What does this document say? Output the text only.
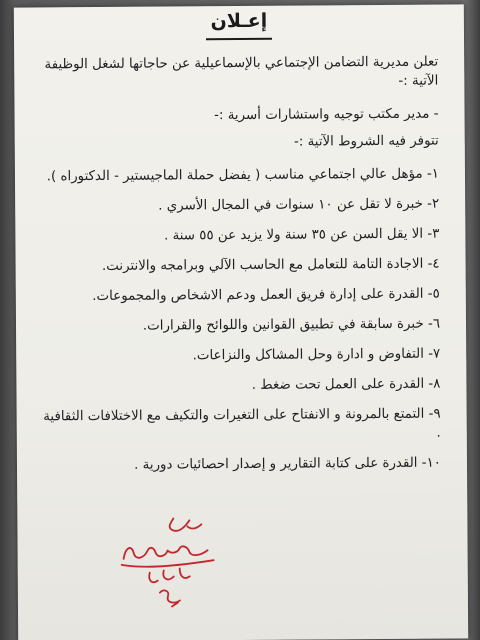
إعـلان

تعلن مديرية التضامن الإجتماعي بالإسماعيلية عن حاجاتها لشغل الوظيفة الآتية :-

- مدير مكتب توجيه واستشارات أسرية :-

تتوفر فيه الشروط الآتية :-

١- مؤهل عالي اجتماعي مناسب ( يفضل حملة الماجيستير - الدكتوراه ).

٢- خبرة لا تقل عن ١٠ سنوات في المجال الأسري .

٣- الا يقل السن عن ٣٥ سنة ولا يزيد عن ٥٥ سنة .

٤- الاجادة التامة للتعامل مع الحاسب الآلي وبرامجه والانترنت.

٥- القدرة على إدارة فريق العمل ودعم الاشخاص والمجموعات.

٦- خبرة سابقة في تطبيق القوانين واللوائح والقرارات.

٧- التفاوض و ادارة وحل المشاكل والنزاعات.

٨- القدرة على العمل تحت ضغط .

٩- التمتع بالمرونة و الانفتاح على التغيرات والتكيف مع الاختلافات الثقافية .

١٠- القدرة على كتابة التقارير و إصدار احصائيات دورية .
